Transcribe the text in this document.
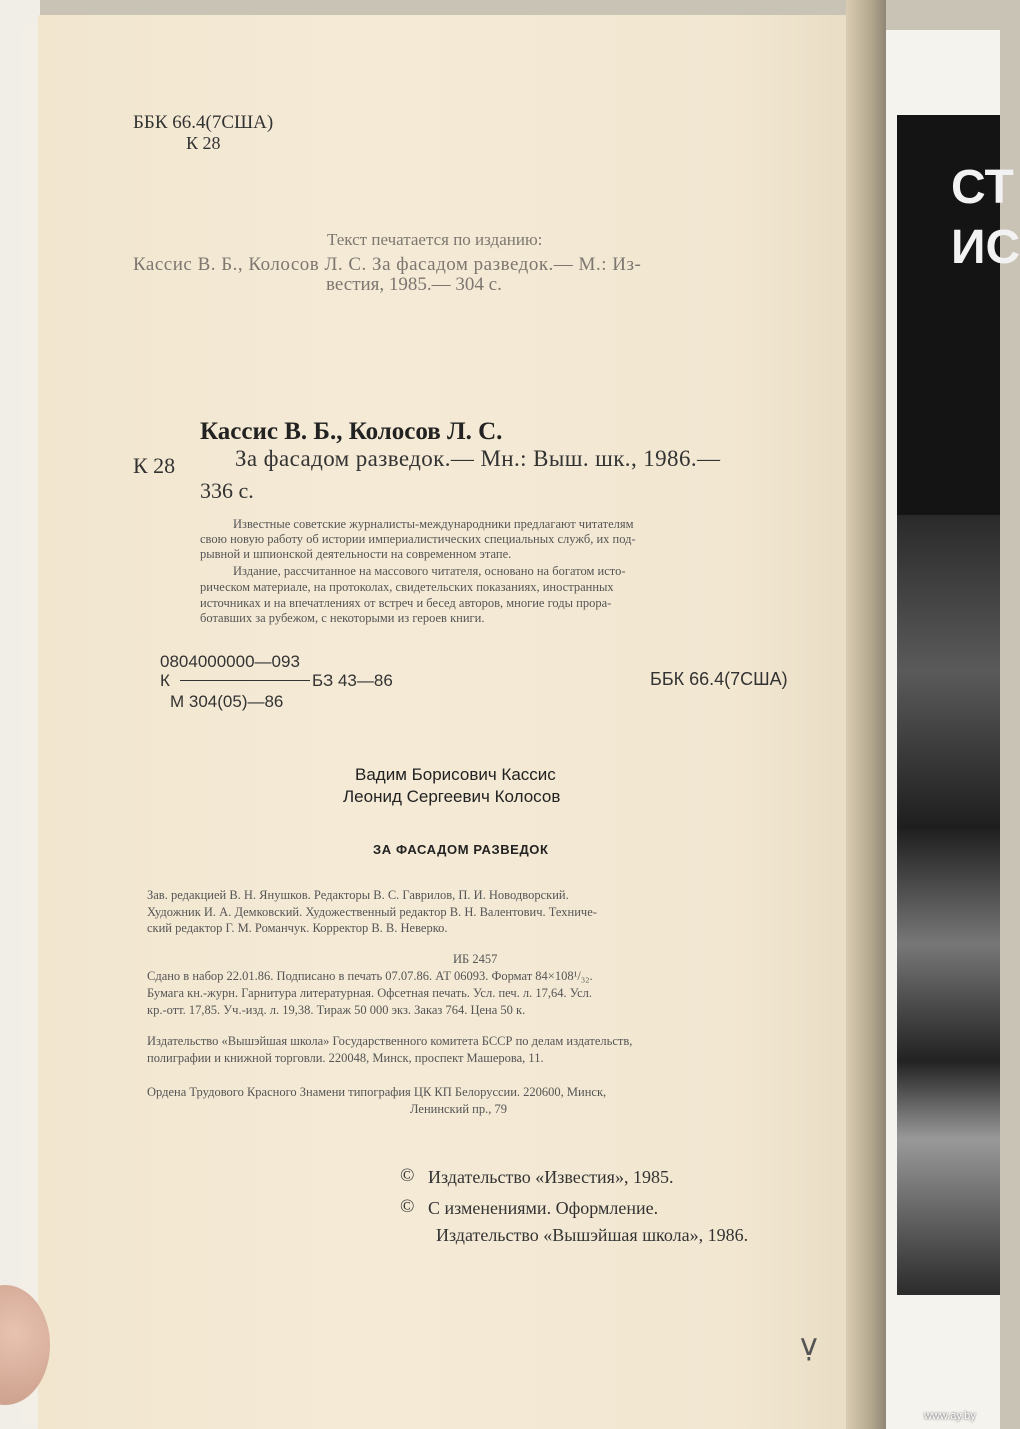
СТ
ИС
ББК 66.4(7США)
К 28
Текст печатается по изданию:
Кассис В. Б., Колосов Л. С. За фасадом разведок.— М.: Из-
вестия, 1985.— 304 с.
Кассис В. Б., Колосов Л. С.
К 28	За фасадом разведок.— Мн.: Выш. шк., 1986.—
336 с.
Известные советские журналисты-международники предлагают читателям
свою новую работу об истории империалистических специальных служб, их под-
рывной и шпионской деятельности на современном этапе.
Издание, рассчитанное на массового читателя, основано на богатом исто-
рическом материале, на протоколах, свидетельских показаниях, иностранных
источниках и на впечатлениях от встреч и бесед авторов, многие годы прора-
ботавших за рубежом, с некоторыми из героев книги.
0804000000—093
К	БЗ 43—86
М 304(05)—86
ББК 66.4(7США)
Вадим Борисович Кассис
Леонид Сергеевич Колосов
ЗА ФАСАДОМ РАЗВЕДОК
Зав. редакцией В. Н. Янушков. Редакторы В. С. Гаврилов, П. И. Новодворский.
Художник И. А. Демковский. Художественный редактор В. Н. Валентович. Техниче-
ский редактор Г. М. Романчук. Корректор В. В. Неверко.
ИБ 2457
Сдано в набор 22.01.86. Подписано в печать 07.07.86. АТ 06093. Формат 84×108¹/₃₂.
Бумага кн.-журн. Гарнитура литературная. Офсетная печать. Усл. печ. л. 17,64. Усл.
кр.-отт. 17,85. Уч.-изд. л. 19,38. Тираж 50 000 экз. Заказ 764. Цена 50 к.
Издательство «Вышэйшая школа» Государственного комитета БССР по делам издательств,
полиграфии и книжной торговли. 220048, Минск, проспект Машерова, 11.
Ордена Трудового Красного Знамени типография ЦК КП Белоруссии. 220600, Минск,
Ленинский пр., 79
© Издательство «Известия», 1985.
© С изменениями. Оформление.
Издательство «Вышэйшая школа», 1986.
ṿ
www.ay.by
